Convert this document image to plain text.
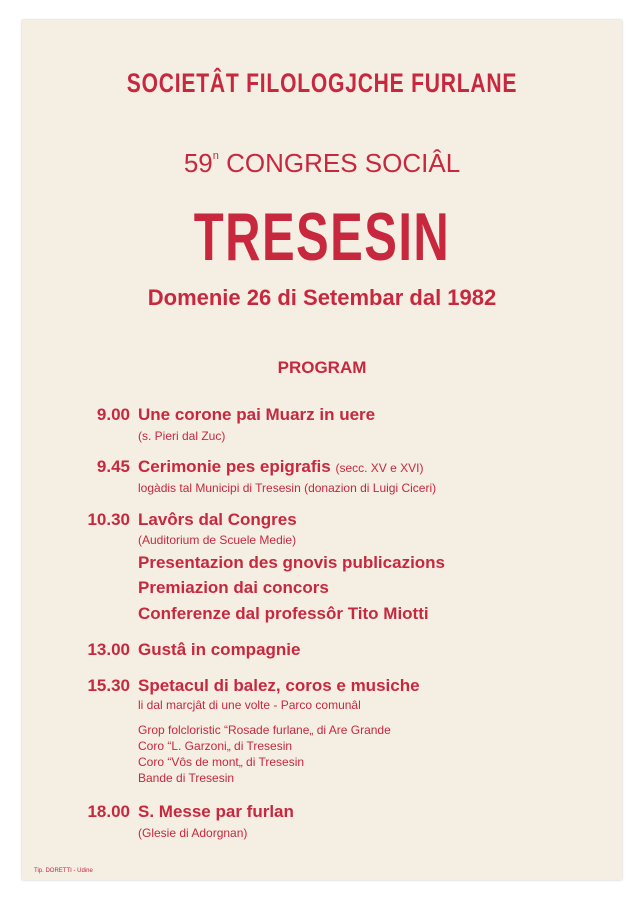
SOCIETÂT FILOLOGJCHE FURLANE
59$^n$ CONGRES SOCIÂL
TRESESIN
Domenie 26 di Setembar dal 1982
PROGRAM
9.00 Une corone pai Muarz in uere
(s. Pieri dal Zuc)
9.45 Cerimonie pes epigrafis (secc. XV e XVI)
logàdis tal Municipi di Tresesin (donazion di Luigi Ciceri)
10.30 Lavôrs dal Congres
(Auditorium de Scuele Medie)
Presentazion des gnovis publicazions
Premiazion dai concors
Conferenze dal professôr Tito Miotti
13.00 Gustâ in compagnie
15.30 Spetacul di balez, coros e musiche
li dal marcjât di une volte - Parco comunâl
Grop folcloristic “Rosade furlane„ di Are Grande
Coro “L. Garzoni„ di Tresesin
Coro “Vôs de mont„ di Tresesin
Bande di Tresesin
18.00 S. Messe par furlan
(Glesie di Adorgnan)
Tip. DORETTI - Udine
